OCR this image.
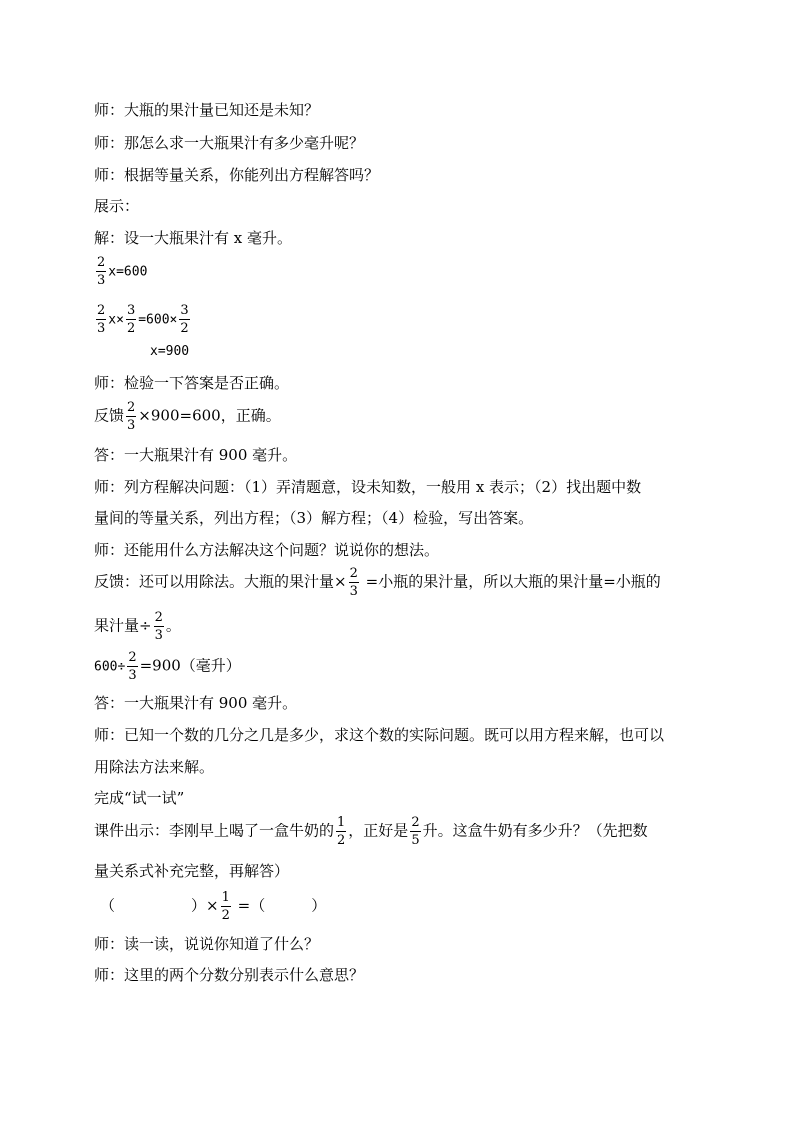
师：大瓶的果汁量已知还是未知？
师：那怎么求一大瓶果汁有多少毫升呢？
师：根据等量关系，你能列出方程解答吗？
展示：
解：设一大瓶果汁有 x 毫升。
$\frac{2}{3} x=600$
$\frac{2}{3} x\times \frac{3}{2} =600\times \frac{3}{2}$
x=900
师：检验一下答案是否正确。
反馈 $\frac{2}{3} \times 900=600$，正确。
答：一大瓶果汁有 900 毫升。
师：列方程解决问题：（1）弄清题意，设未知数，一般用 x 表示；（2）找出题中数
量间的等量关系，列出方程；（3）解方程；（4）检验，写出答案。
师：还能用什么方法解决这个问题？说说你的想法。
反馈：还可以用除法。大瓶的果汁量× $\frac{2}{3}$ =小瓶的果汁量，所以大瓶的果汁量=小瓶的
果汁量÷ $\frac{2}{3}$ 。
$600\div \frac{2}{3} =900$（毫升）
答：一大瓶果汁有 900 毫升。
师：已知一个数的几分之几是多少，求这个数的实际问题。既可以用方程来解，也可以
用除法方法来解。
完成“试一试”
课件出示：李刚早上喝了一盒牛奶的 $\frac{1}{2}$ ，正好是 $\frac{2}{5}$ 升。这盒牛奶有多少升？（先把数
量关系式补充完整，再解答）
（	）× $\frac{1}{2}$ =（	）
师：读一读，说说你知道了什么？
师：这里的两个分数分别表示什么意思？
